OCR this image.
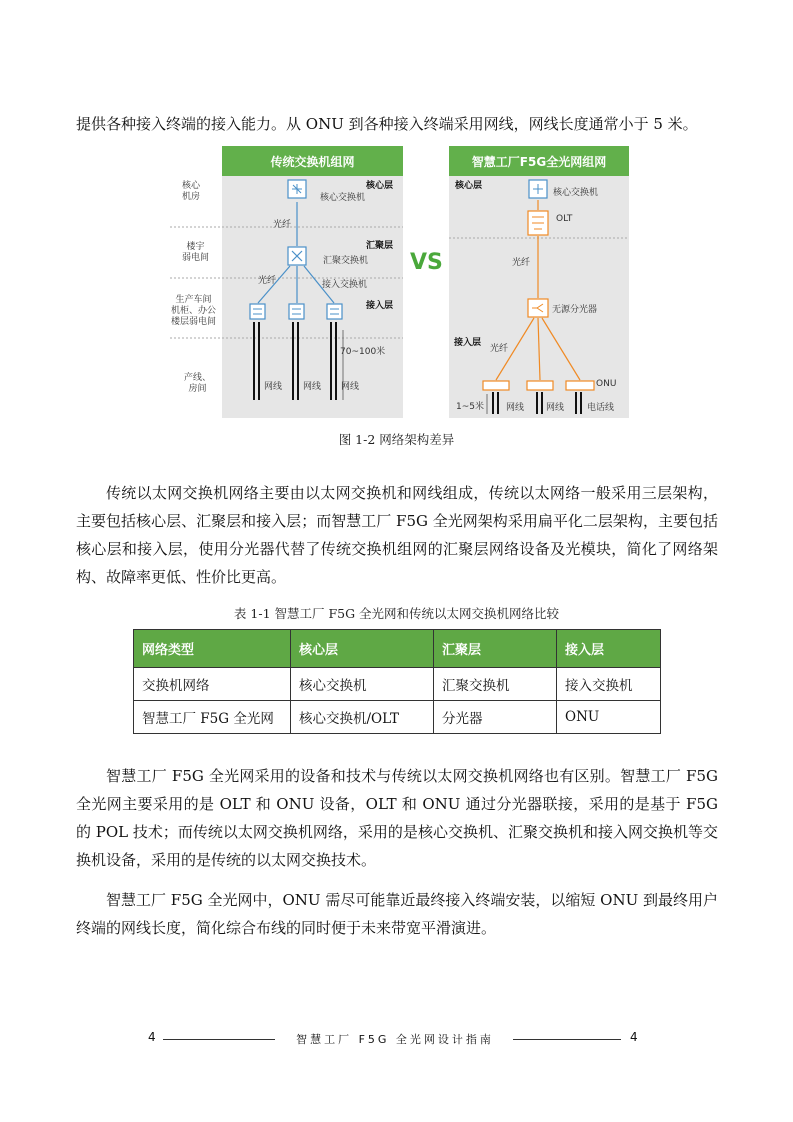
提供各种接入终端的接入能力。从 ONU 到各种接入终端采用网线，网线长度通常小于 5 米。

传统交换机组网	智慧工厂F5G全光网组网
核心
机房
楼宇
弱电间
生产车间
机柜、办公
楼层弱电间
产线、
房间
核心层
核心交换机
光纤
汇聚层
汇聚交换机
光纤	接入交换机
接入层
70~100米
网线 网线 网线
VS
核心层
核心交换机
OLT
光纤
无源分光器
接入层
光纤
ONU
1~5米 网线 网线	电话线
图 1-2 网络架构差异

传统以太网交换机网络主要由以太网交换机和网线组成，传统以太网络一般采用三层架构，主要包括核心层、汇聚层和接入层；而智慧工厂 F5G 全光网架构采用扁平化二层架构，主要包括核心层和接入层，使用分光器代替了传统交换机组网的汇聚层网络设备及光模块，简化了网络架构、故障率更低、性价比更高。

表 1-1 智慧工厂 F5G 全光网和传统以太网交换机网络比较
网络类型	核心层	汇聚层	接入层
交换机网络	核心交换机	汇聚交换机	接入交换机
智慧工厂 F5G 全光网	核心交换机/OLT	分光器	ONU

智慧工厂 F5G 全光网采用的设备和技术与传统以太网交换机网络也有区别。智慧工厂 F5G 全光网主要采用的是 OLT 和 ONU 设备，OLT 和 ONU 通过分光器联接，采用的是基于 F5G 的 POL 技术；而传统以太网交换机网络，采用的是核心交换机、汇聚交换机和接入网交换机等交换机设备，采用的是传统的以太网交换技术。

智慧工厂 F5G 全光网中，ONU 需尽可能靠近最终接入终端安装，以缩短 ONU 到最终用户终端的网线长度，简化综合布线的同时便于未来带宽平滑演进。

4	智慧工厂 F5G 全光网设计指南	4
